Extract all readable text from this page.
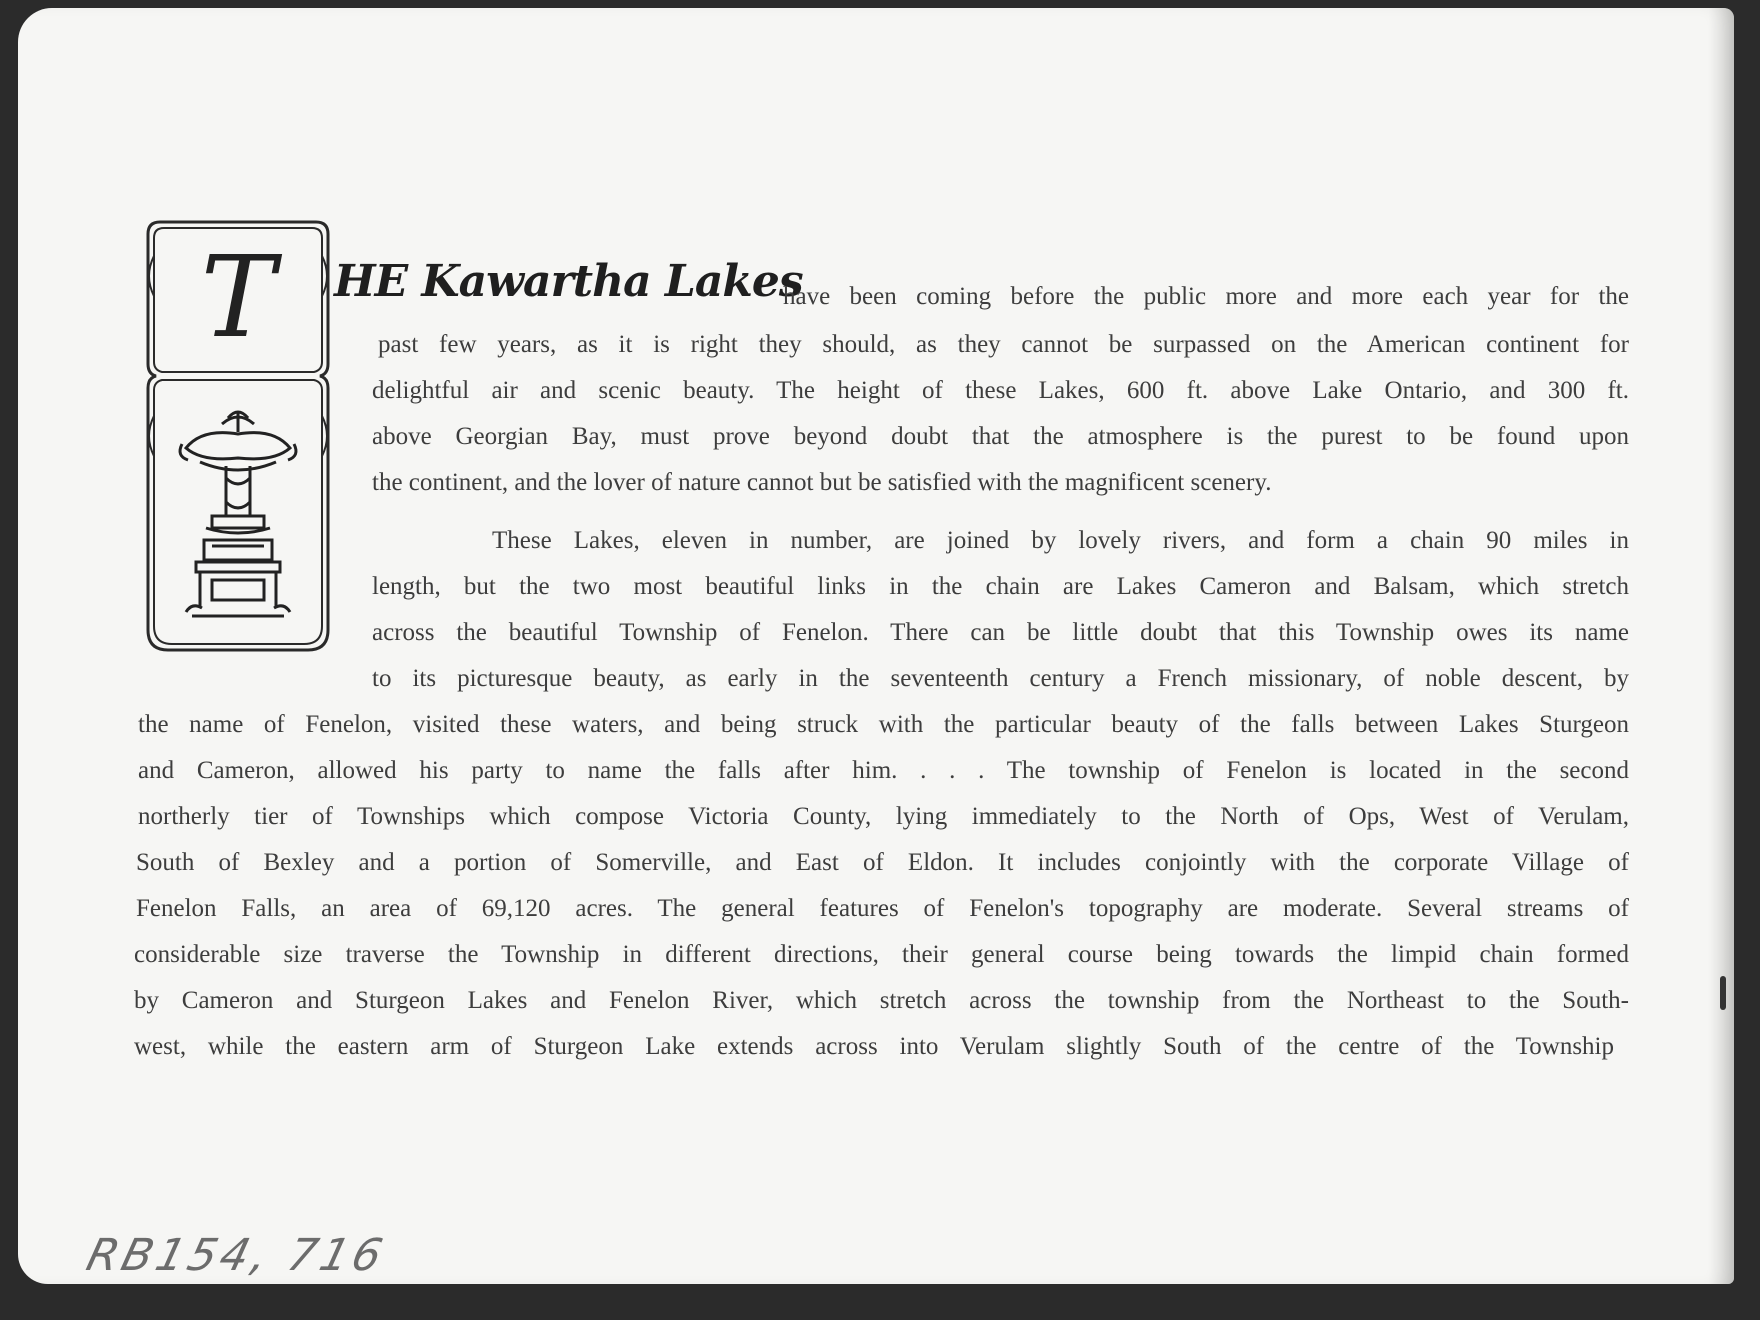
T	HE Kawartha Lakes
have been coming before the public more and more each year for the
past few years, as it is right they should, as they cannot be surpassed on the American continent for
delightful air and scenic beauty. The height of these Lakes, 600 ft. above Lake Ontario, and 300 ft.
above Georgian Bay, must prove beyond doubt that the atmosphere is the purest to be found upon
the continent, and the lover of nature cannot but be satisfied with the magnificent scenery.
These Lakes, eleven in number, are joined by lovely rivers, and form a chain 90 miles in
length, but the two most beautiful links in the chain are Lakes Cameron and Balsam, which stretch
across the beautiful Township of Fenelon. There can be little doubt that this Township owes its name
to its picturesque beauty, as early in the seventeenth century a French missionary, of noble descent, by
the name of Fenelon, visited these waters, and being struck with the particular beauty of the falls between Lakes Sturgeon
and Cameron, allowed his party to name the falls after him. . . . The township of Fenelon is located in the second
northerly tier of Townships which compose Victoria County, lying immediately to the North of Ops, West of Verulam,
South of Bexley and a portion of Somerville, and East of Eldon. It includes conjointly with the corporate Village of
Fenelon Falls, an area of 69,120 acres. The general features of Fenelon's topography are moderate. Several streams of
considerable size traverse the Township in different directions, their general course being towards the limpid chain formed
by Cameron and Sturgeon Lakes and Fenelon River, which stretch across the township from the Northeast to the South-
west, while the eastern arm of Sturgeon Lake extends across into Verulam slightly South of the centre of the Township
RB154, 716
